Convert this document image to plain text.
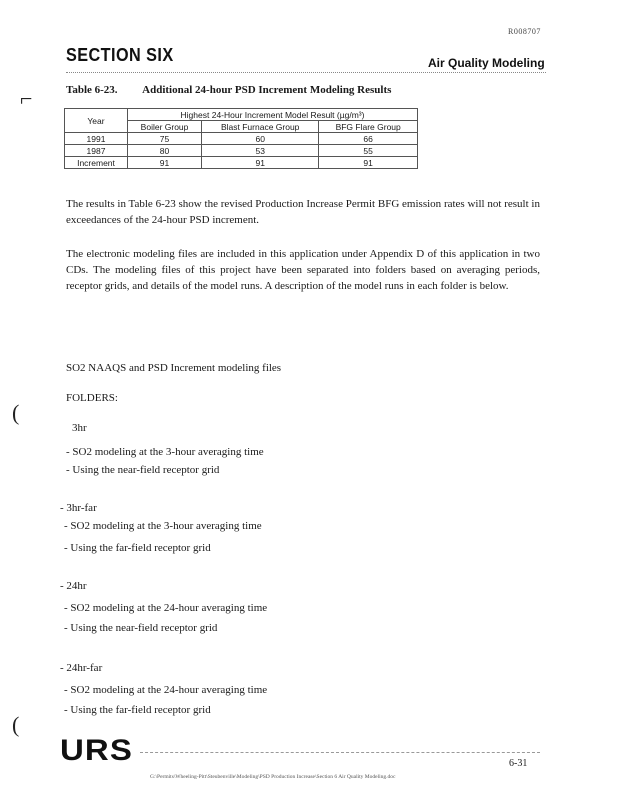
R008707
SECTION SIX	Air Quality Modeling
⌐
(
(
Table 6-23. Additional 24-hour PSD Increment Modeling Results
Year	Highest 24-Hour Increment Model Result (µg/m³)		
	Boiler Group	Blast Furnace Group	BFG Flare Group
1991	75	60	66
1987	80	53	55
Increment	91	91	91

The results in Table 6-23 show the revised Production Increase Permit BFG emission rates will not result in exceedances of the 24-hour PSD increment.

The electronic modeling files are included in this application under Appendix D of this application in two CDs. The modeling files of this project have been separated into folders based on averaging periods, receptor grids, and details of the model runs. A description of the model runs in each folder is below.

SO2 NAAQS and PSD Increment modeling files
FOLDERS:
3hr
- SO2 modeling at the 3-hour averaging time
- Using the near-field receptor grid
- 3hr-far
- SO2 modeling at the 3-hour averaging time
- Using the far-field receptor grid
- 24hr
- SO2 modeling at the 24-hour averaging time
- Using the near-field receptor grid
- 24hr-far
- SO2 modeling at the 24-hour averaging time
- Using the far-field receptor grid
URS	6-31
G:\Permits\Wheeling-Pitt\Steubenville\Modeling\PSD Production Increase\Section 6 Air Quality Modeling.doc
